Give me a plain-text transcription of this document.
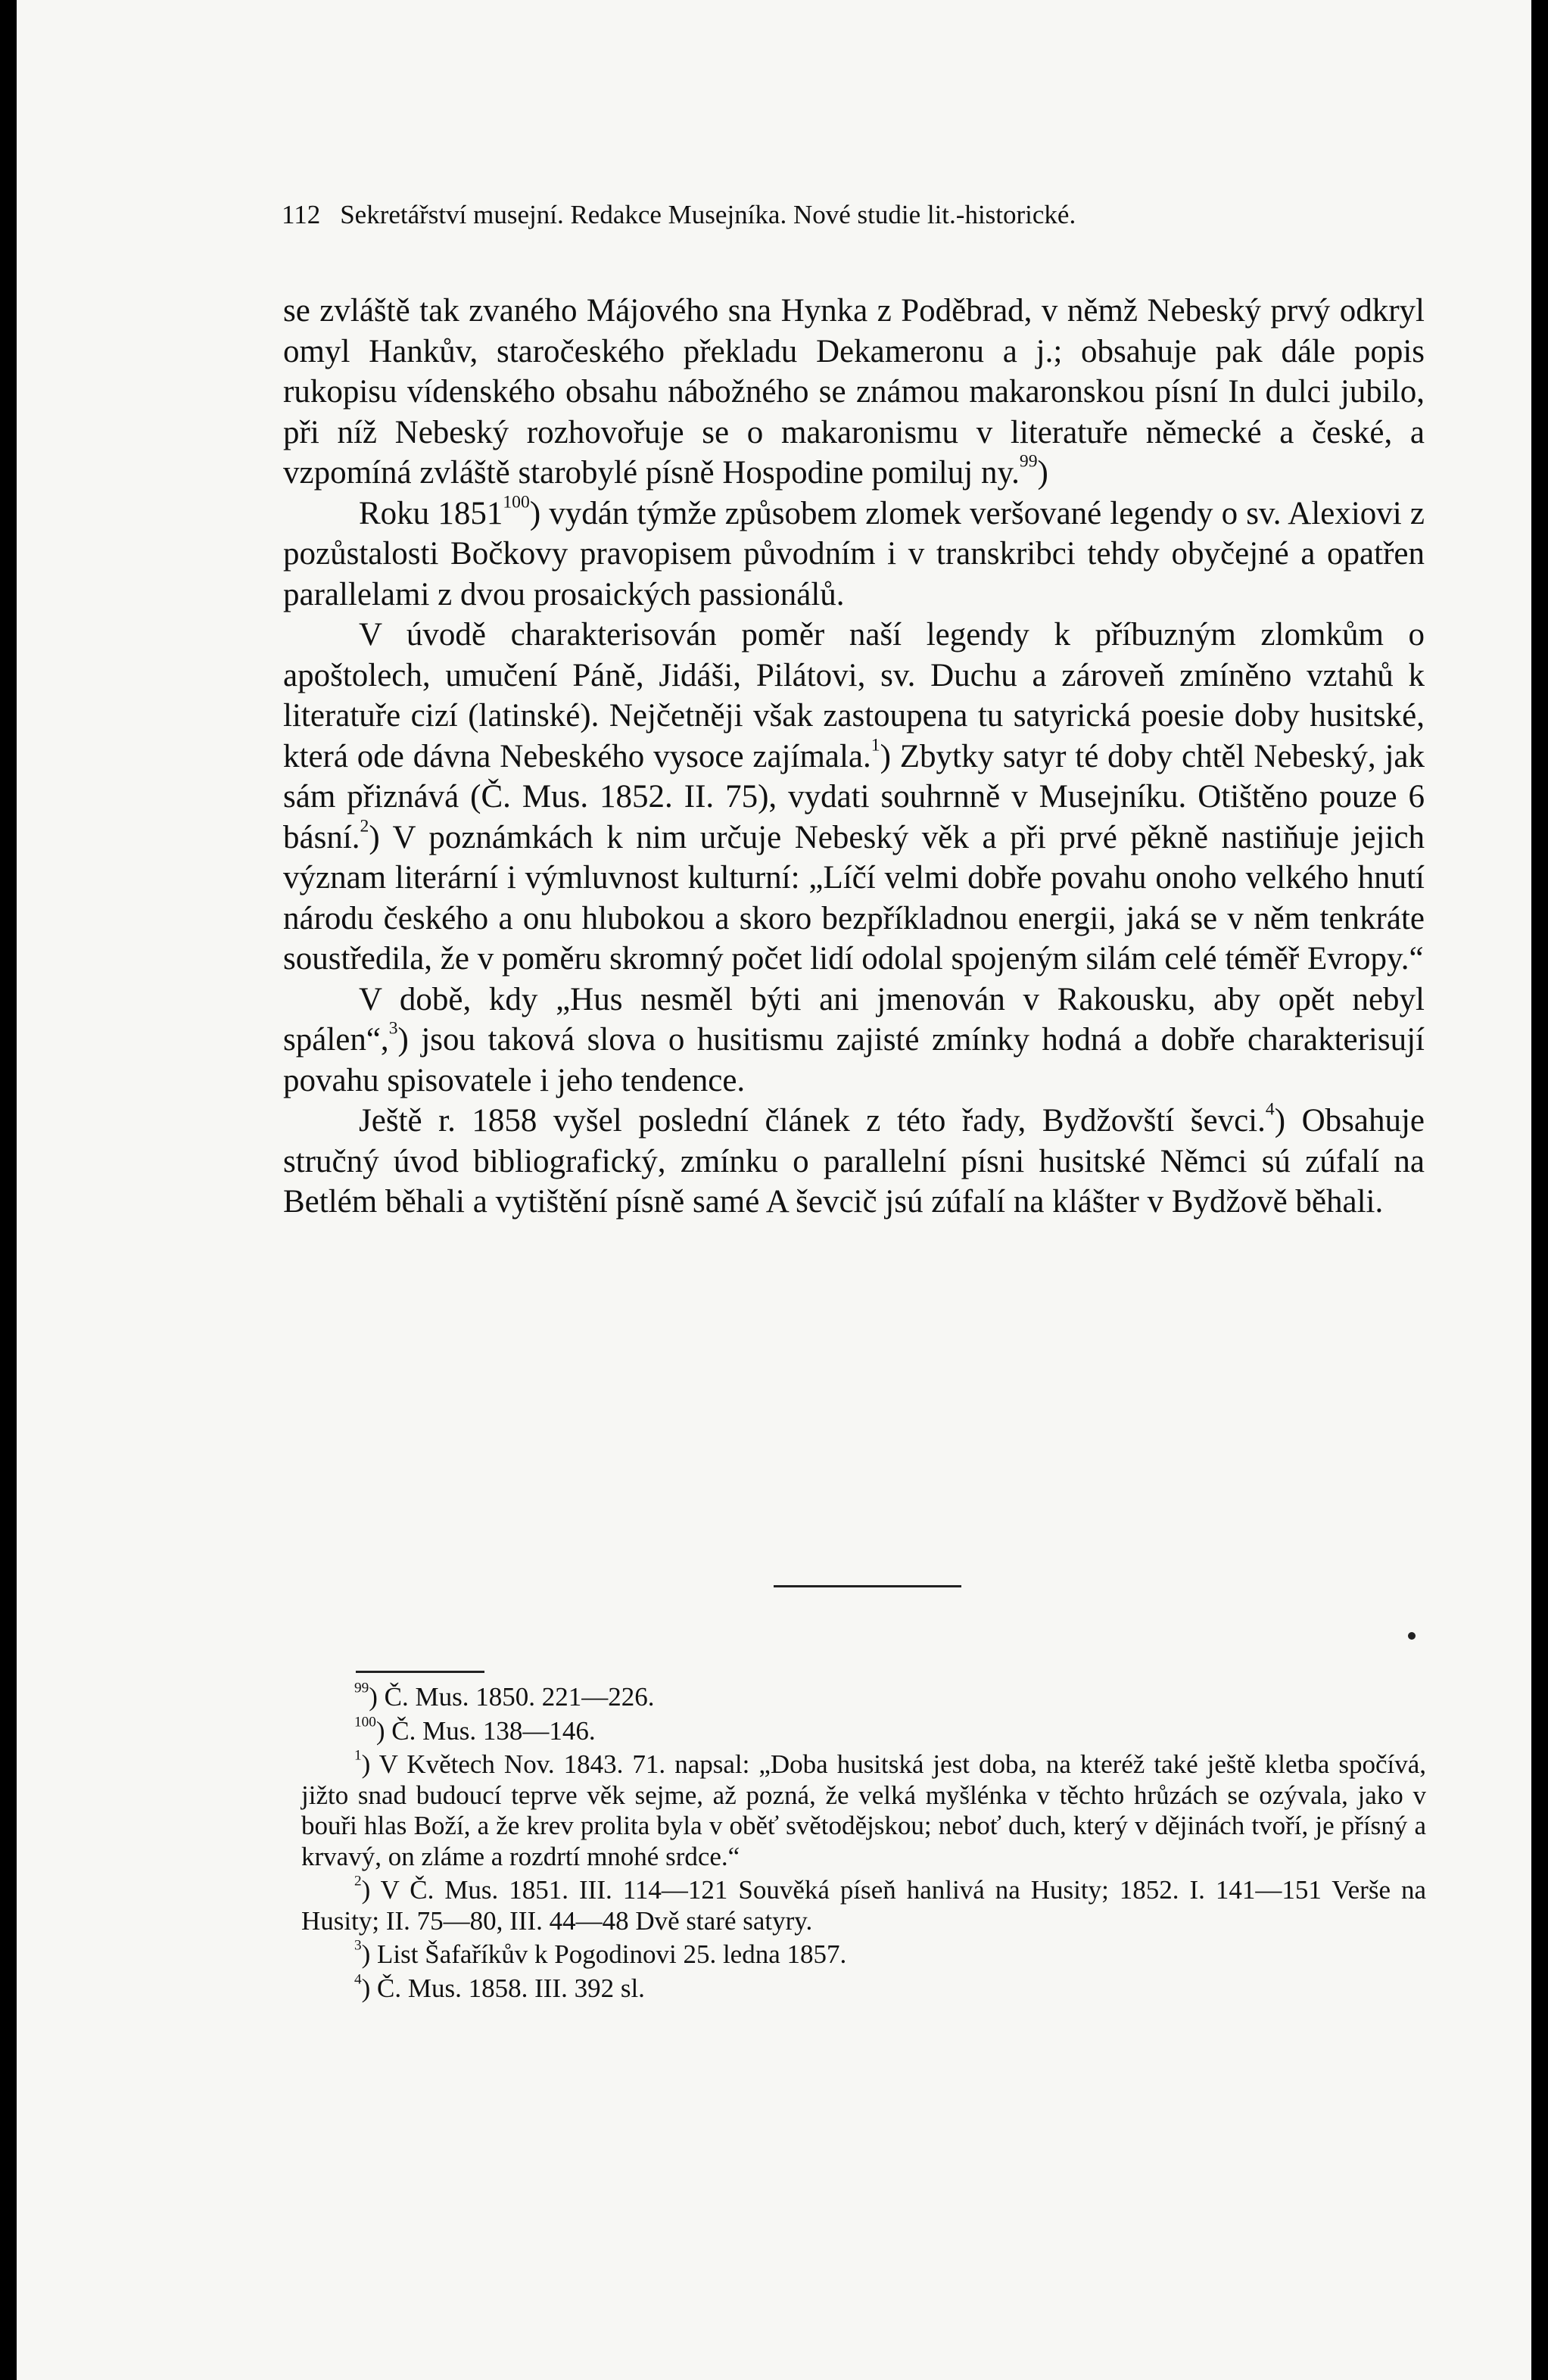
112 Sekretářství musejní. Redakce Musejníka. Nové studie lit.-historické.

se zvláště tak zvaného Májového sna Hynka z Poděbrad, v němž Nebeský prvý odkryl omyl Hankův, staročeského překladu Dekameronu a j.; obsahuje pak dále popis rukopisu vídenského obsahu nábožného se známou makaronskou písní In dulci jubilo, při níž Nebeský rozhovořuje se o makaronismu v literatuře německé a české, a vzpomíná zvláště starobylé písně Hospodine pomiluj ny.$^{99}$)

Roku 1851$^{100}$) vydán týmže způsobem zlomek veršované legendy o sv. Alexiovi z pozůstalosti Bočkovy pravopisem původním i v transkribci tehdy obyčejné a opatřen parallelami z dvou prosaických passionálů.

V úvodě charakterisován poměr naší legendy k příbuzným zlomkům o apoštolech, umučení Páně, Jidáši, Pilátovi, sv. Duchu a zároveň zmíněno vztahů k literatuře cizí (latinské). Nejčetněji však zastoupena tu satyrická poesie doby husitské, která ode dávna Nebeského vysoce zajímala.$^1$) Zbytky satyr té doby chtěl Nebeský, jak sám přiznává (Č. Mus. 1852. II. 75), vydati souhrnně v Musejníku. Otištěno pouze 6 básní.$^2$) V poznámkách k nim určuje Nebeský věk a při prvé pěkně nastiňuje jejich význam literární i výmluvnost kulturní: „Líčí velmi dobře povahu onoho velkého hnutí národu českého a onu hlubokou a skoro bezpříkladnou energii, jaká se v něm tenkráte soustředila, že v poměru skromný počet lidí odolal spojeným silám celé téměř Evropy.“

V době, kdy „Hus nesměl býti ani jmenován v Rakousku, aby opět nebyl spálen“,$^3$) jsou taková slova o husitismu zajisté zmínky hodná a dobře charakterisují povahu spisovatele i jeho tendence.

Ještě r. 1858 vyšel poslední článek z této řady, Bydžovští ševci.$^4$) Obsahuje stručný úvod bibliografický, zmínku o parallelní písni husitské Němci sú zúfalí na Betlém běhali a vytištění písně samé A ševcič jsú zúfalí na klášter v Bydžově běhali.

$^{99}$) Č. Mus. 1850. 221—226.

$^{100}$) Č. Mus. 138—146.

$^1$) V Květech Nov. 1843. 71. napsal: „Doba husitská jest doba, na kteréž také ještě kletba spočívá, jižto snad budoucí teprve věk sejme, až pozná, že velká myšlénka v těchto hrůzách se ozývala, jako v bouři hlas Boží, a že krev prolita byla v oběť světodějskou; neboť duch, který v dějinách tvoří, je přísný a krvavý, on zláme a rozdrtí mnohé srdce.“

$^2$) V Č. Mus. 1851. III. 114—121 Souvěká píseň hanlivá na Husity; 1852. I. 141—151 Verše na Husity; II. 75—80, III. 44—48 Dvě staré satyry.

$^3$) List Šafaříkův k Pogodinovi 25. ledna 1857.

$^4$) Č. Mus. 1858. III. 392 sl.
